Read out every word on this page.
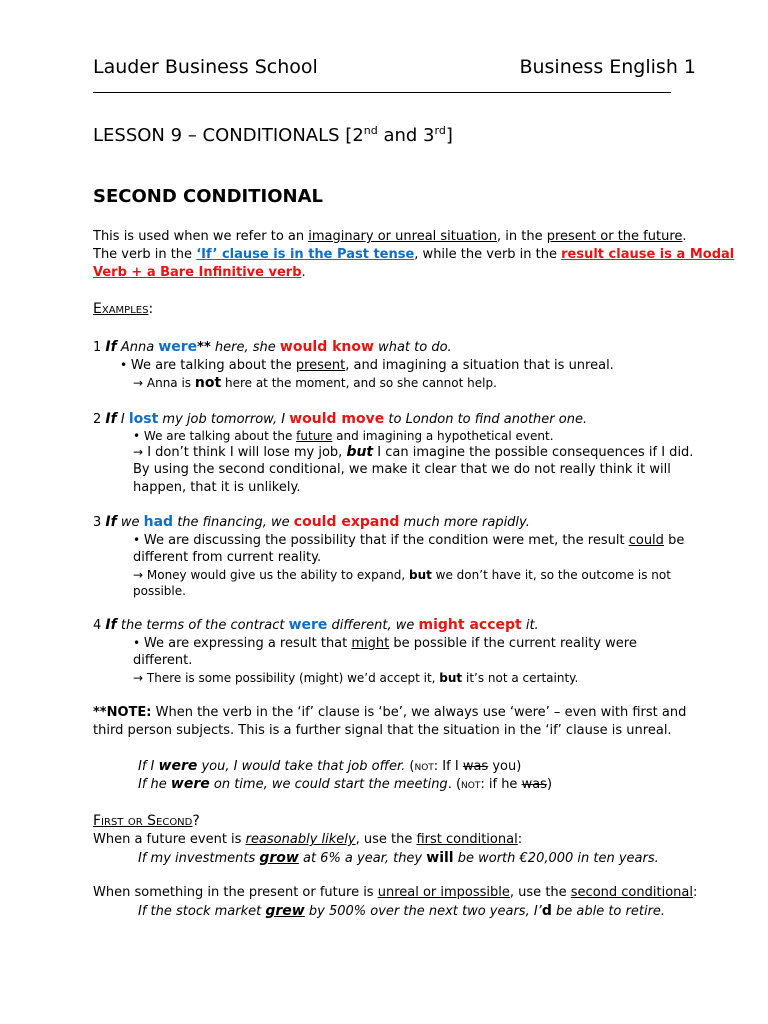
Lauder Business School	Business English 1
LESSON 9 – CONDITIONALS [2nd and 3rd]
SECOND CONDITIONAL

This is used when we refer to an imaginary or unreal situation, in the present or the future.

The verb in the ‘If’ clause is in the Past tense, while the verb in the result clause is a Modal

Verb + a Bare Infinitive verb.

Examples:

1 If Anna were** here, she would know what to do.

• We are talking about the present, and imagining a situation that is unreal.

→ Anna is not here at the moment, and so she cannot help.

2 If I lost my job tomorrow, I would move to London to find another one.

• We are talking about the future and imagining a hypothetical event.

→ I don’t think I will lose my job, but I can imagine the possible consequences if I did.

By using the second conditional, we make it clear that we do not really think it will

happen, that it is unlikely.

3 If we had the financing, we could expand much more rapidly.

• We are discussing the possibility that if the condition were met, the result could be

different from current reality.

→ Money would give us the ability to expand, but we don’t have it, so the outcome is not

possible.

4 If the terms of the contract were different, we might accept it.

• We are expressing a result that might be possible if the current reality were

different.

→ There is some possibility (might) we’d accept it, but it’s not a certainty.

**NOTE: When the verb in the ‘if’ clause is ‘be’, we always use ‘were’ – even with first and

third person subjects. This is a further signal that the situation in the ‘if’ clause is unreal.

If I were you, I would take that job offer. (not: If I was you)

If he were on time, we could start the meeting. (not: if he was)

First or Second?

When a future event is reasonably likely, use the first conditional:

If my investments grow at 6% a year, they will be worth €20,000 in ten years.

When something in the present or future is unreal or impossible, use the second conditional:

If the stock market grew by 500% over the next two years, I’d be able to retire.
